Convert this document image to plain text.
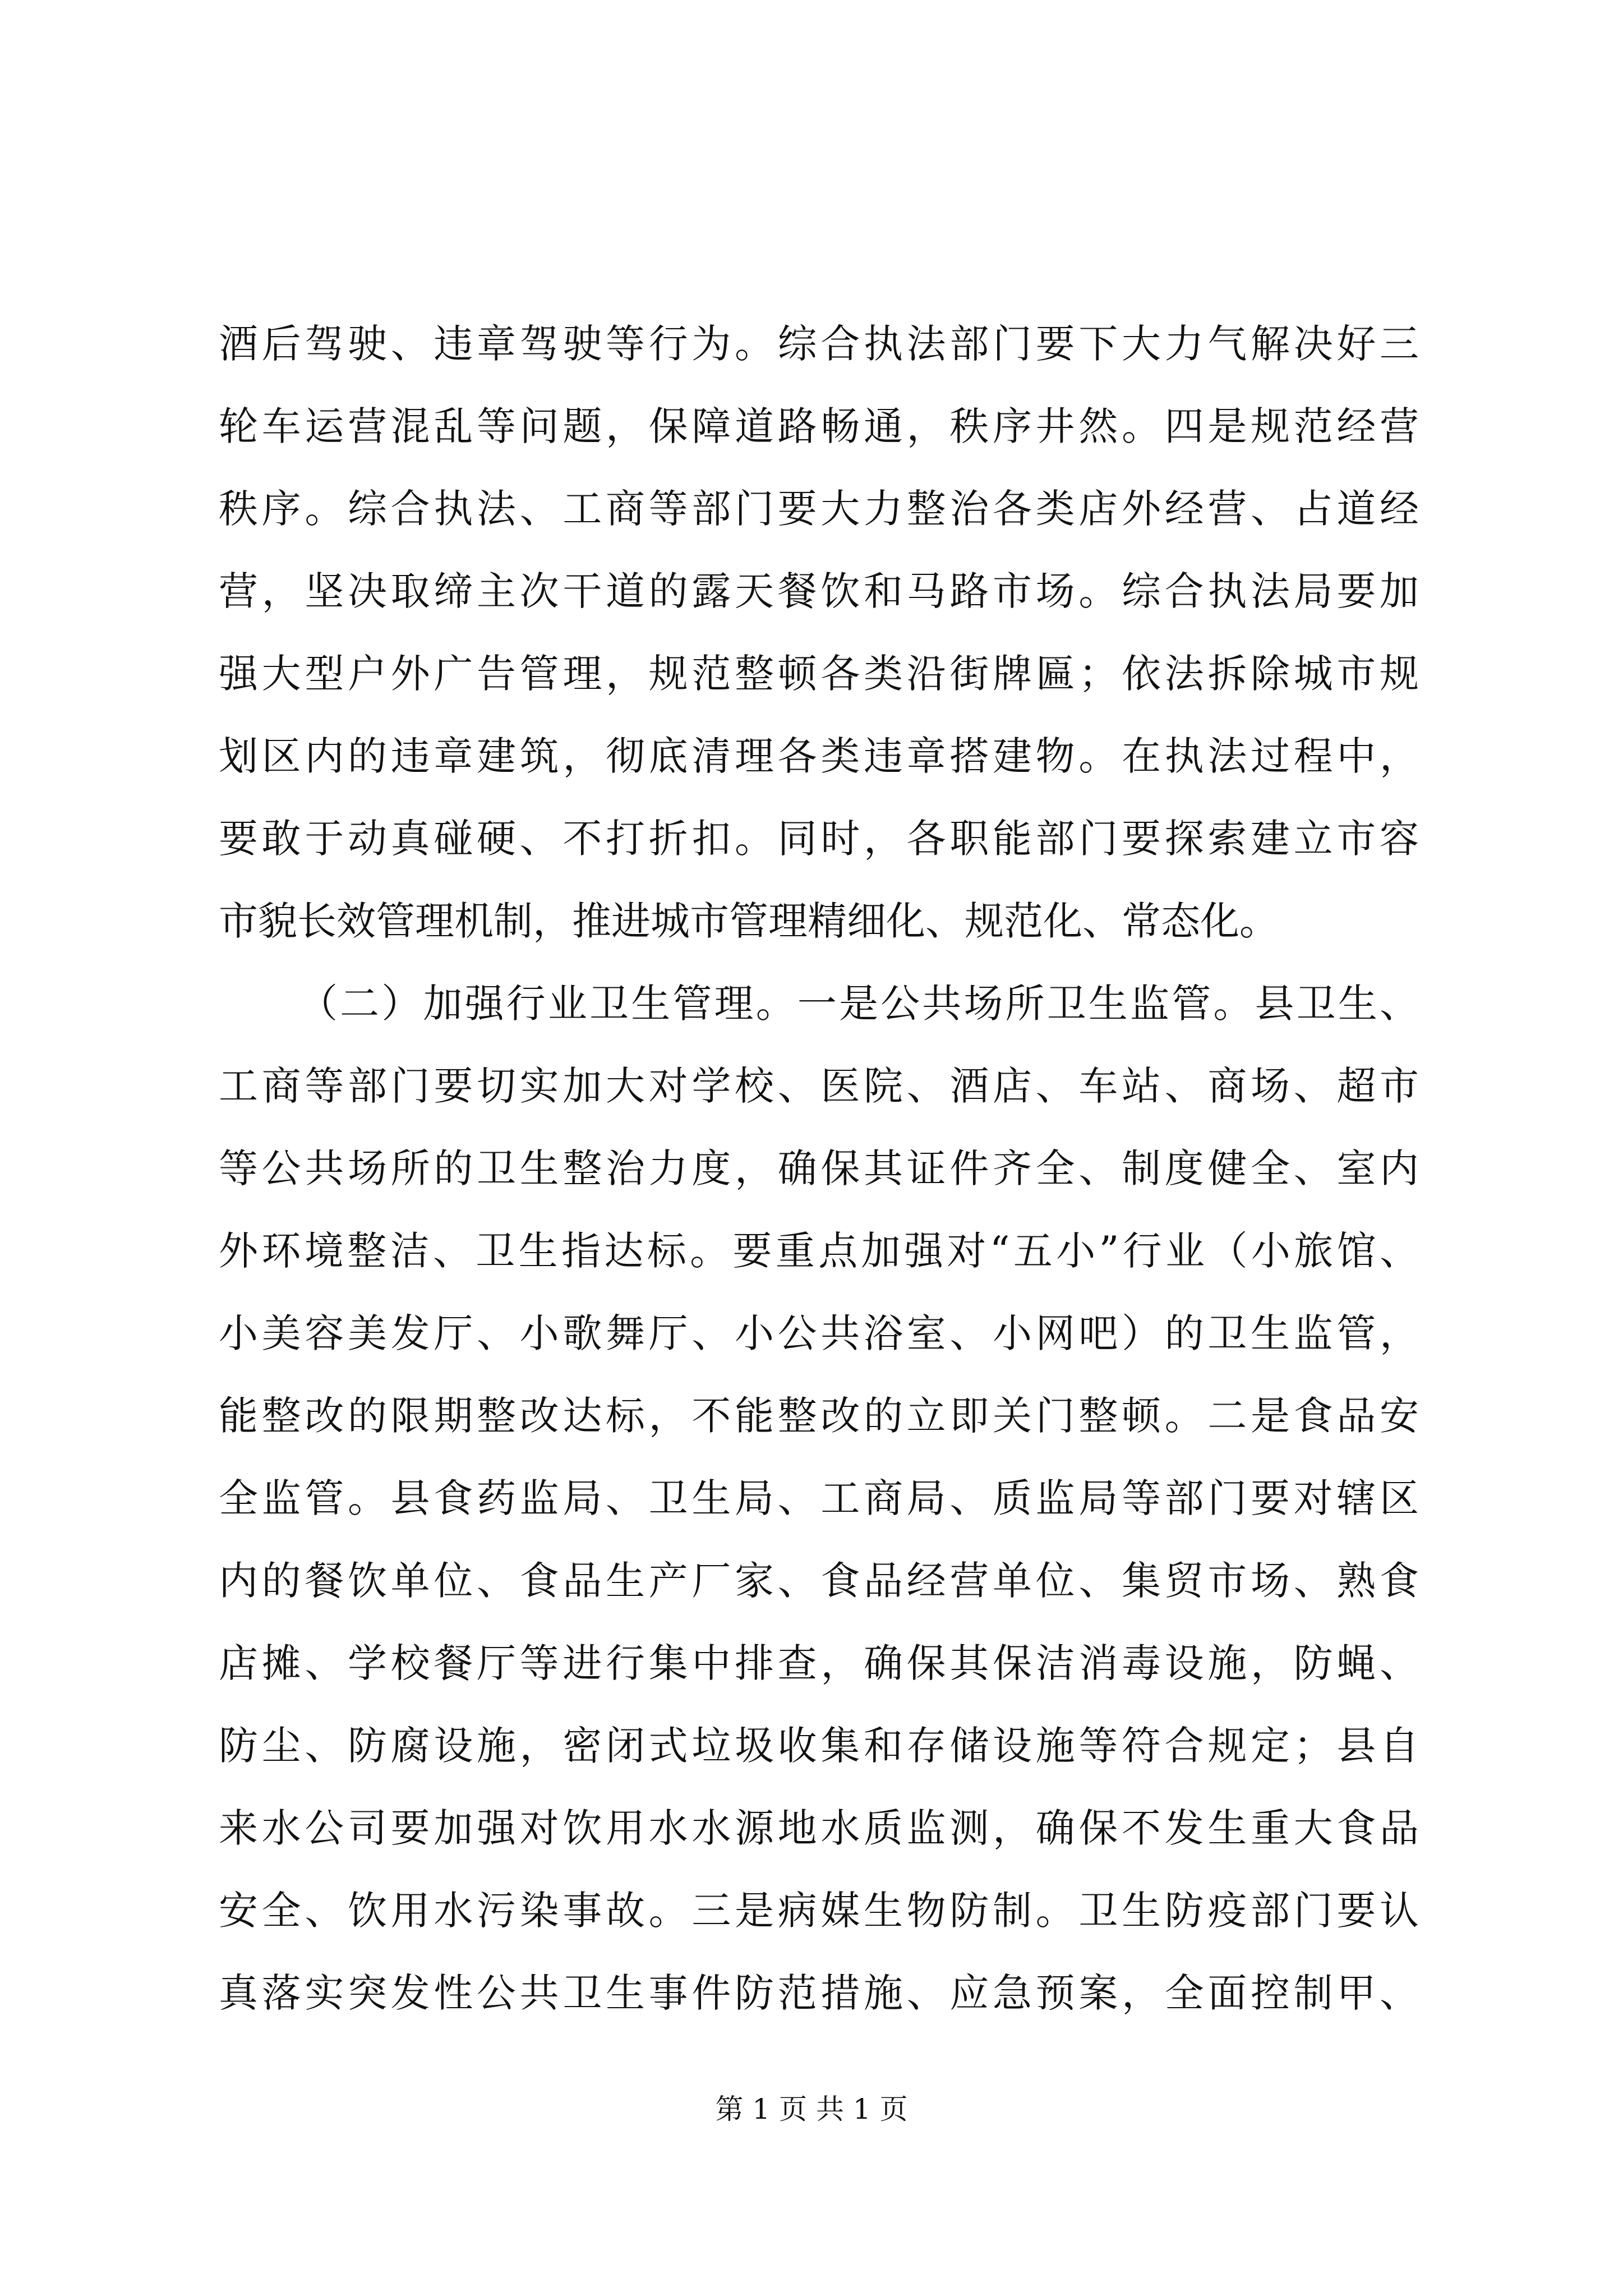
酒后驾驶、违章驾驶等行为。综合执法部门要下大力气解决好三
轮车运营混乱等问题，保障道路畅通，秩序井然。四是规范经营
秩序。综合执法、工商等部门要大力整治各类店外经营、占道经
营，坚决取缔主次干道的露天餐饮和马路市场。综合执法局要加
强大型户外广告管理，规范整顿各类沿街牌匾；依法拆除城市规
划区内的违章建筑，彻底清理各类违章搭建物。在执法过程中，
要敢于动真碰硬、不打折扣。同时，各职能部门要探索建立市容
市貌长效管理机制，推进城市管理精细化、规范化、常态化。
（二）加强行业卫生管理。一是公共场所卫生监管。县卫生、
工商等部门要切实加大对学校、医院、酒店、车站、商场、超市
等公共场所的卫生整治力度，确保其证件齐全、制度健全、室内
外环境整洁、卫生指达标。要重点加强对“五小”行业（小旅馆、
小美容美发厅、小歌舞厅、小公共浴室、小网吧）的卫生监管，
能整改的限期整改达标，不能整改的立即关门整顿。二是食品安
全监管。县食药监局、卫生局、工商局、质监局等部门要对辖区
内的餐饮单位、食品生产厂家、食品经营单位、集贸市场、熟食
店摊、学校餐厅等进行集中排查，确保其保洁消毒设施，防蝇、
防尘、防腐设施，密闭式垃圾收集和存储设施等符合规定；县自
来水公司要加强对饮用水水源地水质监测，确保不发生重大食品
安全、饮用水污染事故。三是病媒生物防制。卫生防疫部门要认
真落实突发性公共卫生事件防范措施、应急预案，全面控制甲、
第 1 页 共 1 页
